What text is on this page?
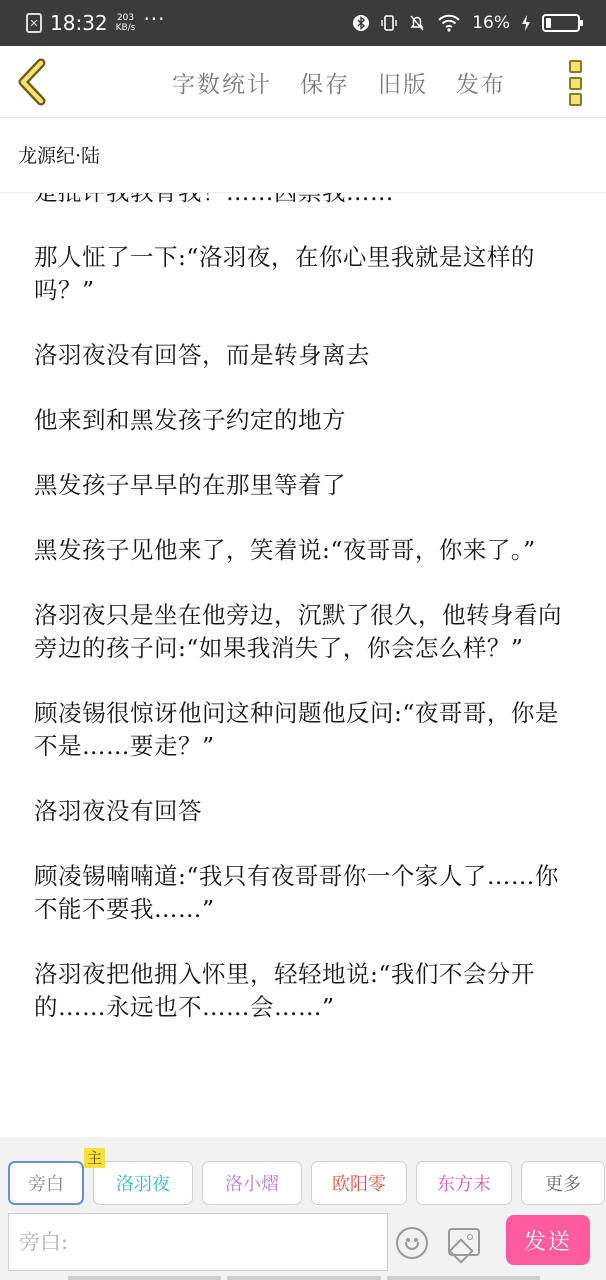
✕ 18:32 203
KB/s ···	16%
字数统计 保存 旧版 发布
龙源纪·陆

那人怔了一下:“洛羽夜，在你心里我就是这样的吗？”

洛羽夜没有回答，而是转身离去

他来到和黑发孩子约定的地方

黑发孩子早早的在那里等着了

黑发孩子见他来了，笑着说:“夜哥哥，你来了。”

洛羽夜只是坐在他旁边，沉默了很久，他转身看向旁边的孩子问:“如果我消失了，你会怎么样？”

顾凌锡很惊讶他问这种问题他反问:“夜哥哥，你是不是……要走？”

洛羽夜没有回答

顾凌锡喃喃道:“我只有夜哥哥你一个家人了……你不能不要我……”

洛羽夜把他拥入怀里，轻轻地说:“我们不会分开的……永远也不……会……”

旁白	洛羽夜
主
洛小熠	欧阳零	东方末	更多
旁白:	发送
